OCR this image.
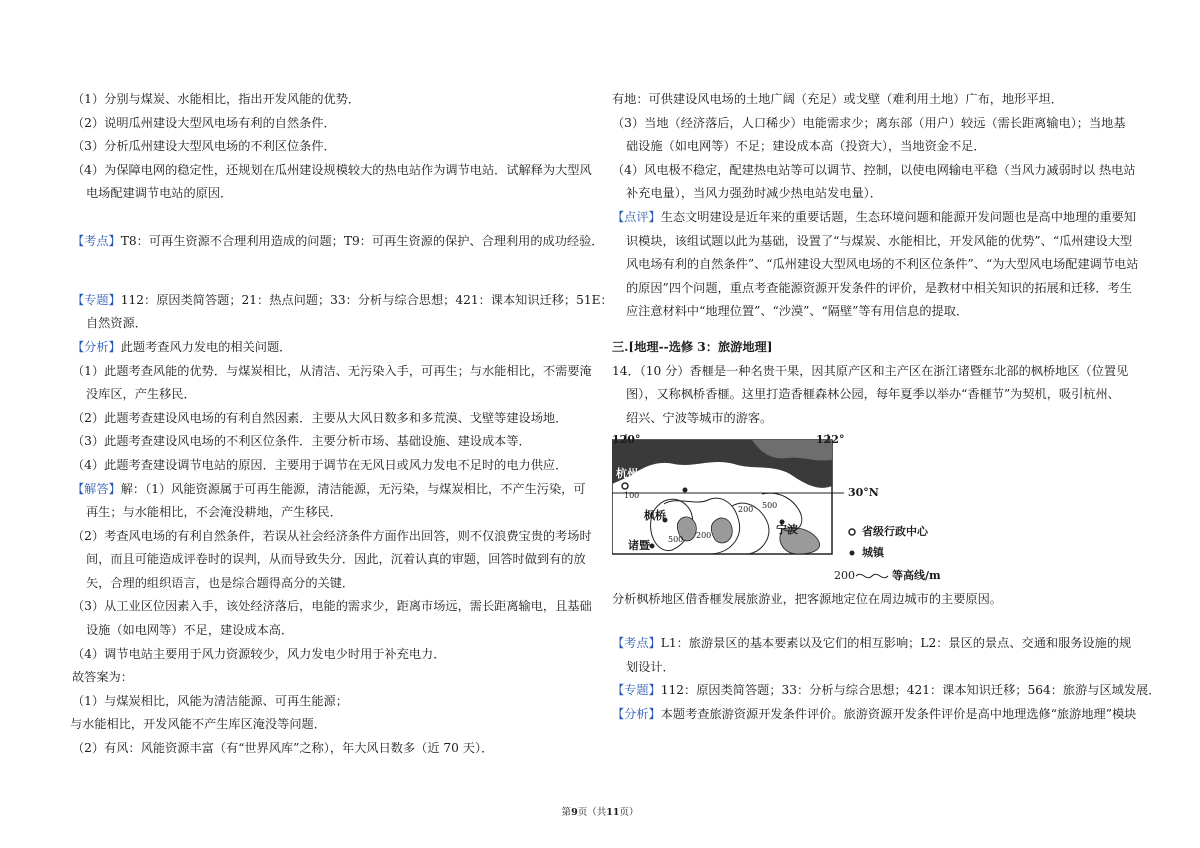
（1）分别与煤炭、水能相比，指出开发风能的优势．
（2）说明瓜州建设大型风电场有利的自然条件．
（3）分析瓜州建设大型风电场的不利区位条件．
（4）为保障电网的稳定性，还规划在瓜州建设规模较大的热电站作为调节电站．试解释为大型风
电场配建调节电站的原因．
【考点】T8：可再生资源不合理利用造成的问题；T9：可再生资源的保护、合理利用的成功经验．
【专题】112：原因类简答题；21：热点问题；33：分析与综合思想；421：课本知识迁移；51E：
自然资源．
【分析】此题考查风力发电的相关问题．
（1）此题考查风能的优势．与煤炭相比，从清洁、无污染入手，可再生；与水能相比，不需要淹
没库区，产生移民．
（2）此题考查建设风电场的有利自然因素．主要从大风日数多和多荒漠、戈壁等建设场地．
（3）此题考查建设风电场的不利区位条件．主要分析市场、基础设施、建设成本等．
（4）此题考查建设调节电站的原因．主要用于调节在无风日或风力发电不足时的电力供应．
【解答】解：（1）风能资源属于可再生能源，清洁能源，无污染，与煤炭相比，不产生污染，可
再生；与水能相比，不会淹没耕地，产生移民．
（2）考查风电场的有利自然条件，若误从社会经济条件方面作出回答，则不仅浪费宝贵的考场时
间，而且可能造成评卷时的误判，从而导致失分．因此，沉着认真的审题，回答时做到有的放
矢，合理的组织语言，也是综合题得高分的关键．
（3）从工业区位因素入手，该处经济落后，电能的需求少，距离市场远，需长距离输电，且基础
设施（如电网等）不足，建设成本高．
（4）调节电站主要用于风力资源较少，风力发电少时用于补充电力．
故答案为：
（1）与煤炭相比，风能为清洁能源、可再生能源；
与水能相比，开发风能不产生库区淹没等问题．
（2）有风：风能资源丰富（有“世界风库”之称），年大风日数多（近 70 天）．
有地：可供建设风电场的土地广阔（充足）或戈壁（难利用土地）广布，地形平坦．
（3）当地（经济落后，人口稀少）电能需求少；离东部（用户）较远（需长距离输电）；当地基
础设施（如电网等）不足；建设成本高（投资大），当地资金不足．
（4）风电极不稳定，配建热电站等可以调节、控制，以使电网输电平稳（当风力减弱时以 热电站
补充电量），当风力强劲时减少热电站发电量）．
【点评】生态文明建设是近年来的重要话题，生态环境问题和能源开发问题也是高中地理的重要知
识模块，该组试题以此为基础，设置了“与煤炭、水能相比，开发风能的优势”、“瓜州建设大型
风电场有利的自然条件”、“瓜州建设大型风电场的不利区位条件”、“为大型风电场配建调节电站
的原因”四个问题，重点考查能源资源开发条件的评价，是教材中相关知识的拓展和迁移．考生
应注意材料中“地理位置”、“沙漠”、“隔壁”等有用信息的提取．
三.[地理--选修 3：旅游地理]
14．（10 分）香榧是一种名贵干果，因其原产区和主产区在浙江诸暨东北部的枫桥地区（位置见
图），又称枫桥香榧。这里打造香榧森林公园，每年夏季以举办“香榧节”为契机，吸引杭州、
绍兴、宁波等城市的游客。
120°	122°
30°N
杭州
绍兴
枫桥
诸暨
宁波
100
200
200
500
500
省级行政中心
城镇
200	等高线/m
分析枫桥地区借香榧发展旅游业，把客源地定位在周边城市的主要原因。
【考点】L1：旅游景区的基本要素以及它们的相互影响；L2：景区的景点、交通和服务设施的规
划设计．
【专题】112：原因类简答题；33：分析与综合思想；421：课本知识迁移；564：旅游与区域发展．
【分析】本题考查旅游资源开发条件评价。旅游资源开发条件评价是高中地理选修“旅游地理”模块
第9页（共11页）
